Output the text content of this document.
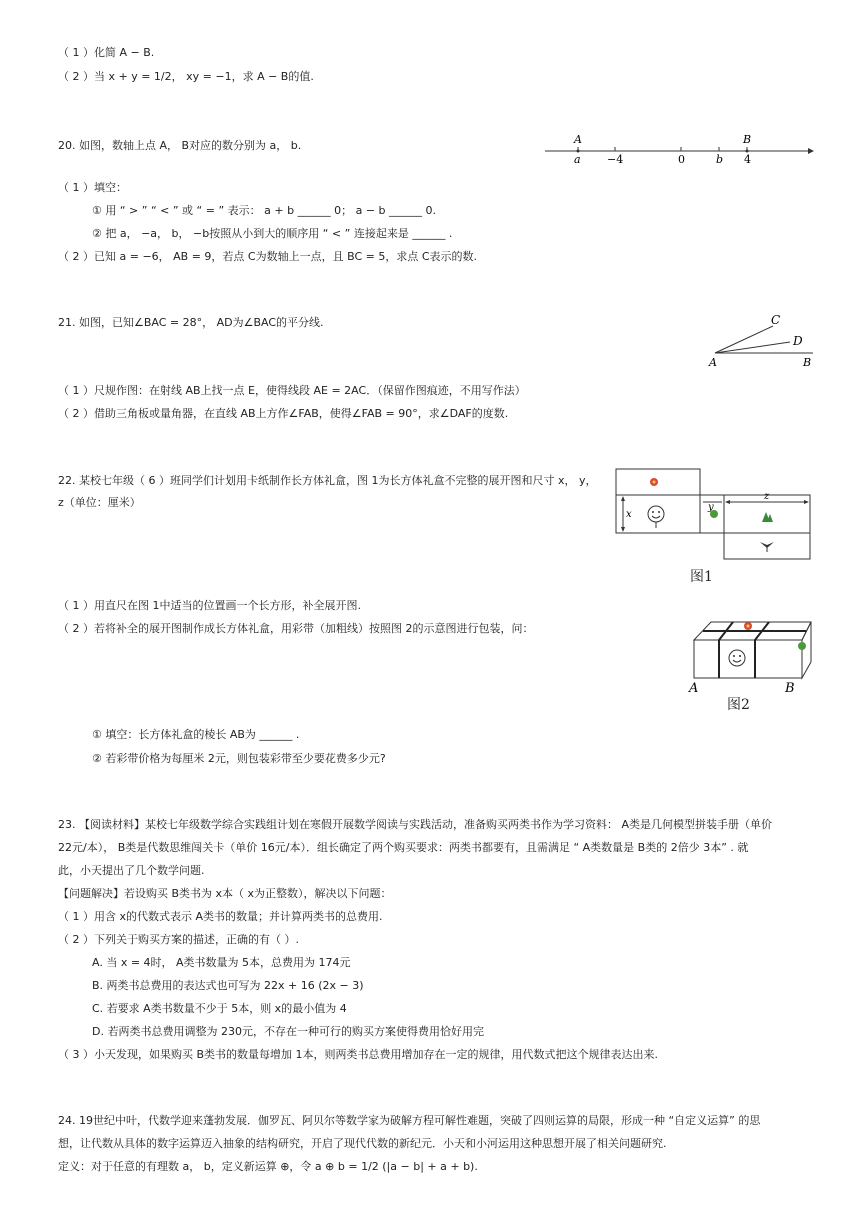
（ 1 ）化简 A − B.
（ 2 ）当 x + y = 1/2， xy = −1，求 A − B的值.
20. 如图，数轴上点 A， B对应的数分别为 a， b.	A	B
a −4	0	b 4
（ 1 ）填空：
① 用 “ > ” “ < ” 或 “ = ” 表示： a + b ______ 0； a − b ______ 0.
② 把 a， −a， b， −b按照从小到大的顺序用 “ < ” 连接起来是 ______ .
（ 2 ）已知 a = −6， AB = 9，若点 C为数轴上一点，且 BC = 5，求点 C表示的数.
21. 如图，已知∠BAC = 28°， AD为∠BAC的平分线.
A	B
C
D
（ 1 ）尺规作图：在射线 AB上找一点 E，使得线段 AE = 2AC．（保留作图痕迹，不用写作法）
（ 2 ）借助三角板或量角器，在直线 AB上方作∠FAB，使得∠FAB = 90°，求∠DAF的度数.
22. 某校七年级（ 6 ）班同学们计划用卡纸制作长方体礼盒，图 1为长方体礼盒不完整的展开图和尺寸 x， y，
z（单位：厘米）
x
y
z
图1
（ 1 ）用直尺在图 1中适当的位置画一个长方形，补全展开图.
（ 2 ）若将补全的展开图制作成长方体礼盒，用彩带（加粗线）按照图 2的示意图进行包装，问：
A	B
图2
① 填空：长方体礼盒的棱长 AB为 ______ .
② 若彩带价格为每厘米 2元，则包装彩带至少要花费多少元?
23. 【阅读材料】某校七年级数学综合实践组计划在寒假开展数学阅读与实践活动，准备购买两类书作为学习资料： A类是几何模型拼装手册（单价
22元/本）， B类是代数思维闯关卡（单价 16元/本）．组长确定了两个购买要求：两类书都要有，且需满足 “ A类数量是 B类的 2倍少 3本” . 就
此，小天提出了几个数学问题.
【问题解决】若设购买 B类书为 x本（ x为正整数），解决以下问题：
（ 1 ）用含 x的代数式表示 A类书的数量；并计算两类书的总费用.
（ 2 ）下列关于购买方案的描述，正确的有（ ）.
A. 当 x = 4时， A类书数量为 5本，总费用为 174元
B. 两类书总费用的表达式也可写为 22x + 16 (2x − 3)
C. 若要求 A类书数量不少于 5本，则 x的最小值为 4
D. 若两类书总费用调整为 230元，不存在一种可行的购买方案使得费用恰好用完
（ 3 ）小天发现，如果购买 B类书的数量每增加 1本，则两类书总费用增加存在一定的规律，用代数式把这个规律表达出来.
24. 19世纪中叶，代数学迎来蓬勃发展．伽罗瓦、阿贝尔等数学家为破解方程可解性难题，突破了四则运算的局限，形成一种 “自定义运算” 的思
想，让代数从具体的数字运算迈入抽象的结构研究，开启了现代代数的新纪元．小天和小河运用这种思想开展了相关问题研究.
定义：对于任意的有理数 a， b，定义新运算 ⊕，令 a ⊕ b = 1/2 (|a − b| + a + b).
